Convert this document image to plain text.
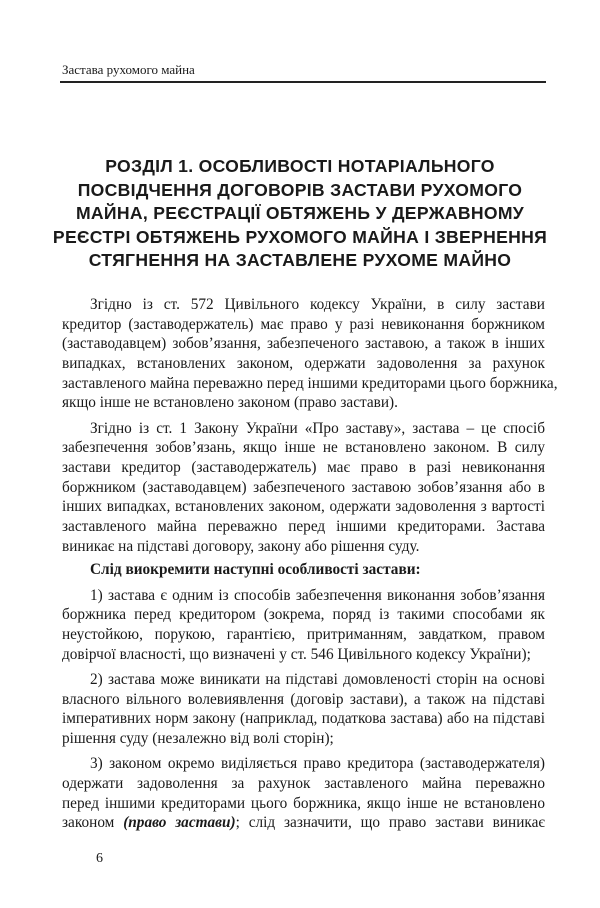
Застава рухомого майна
РОЗДІЛ 1. ОСОБЛИВОСТІ НОТАРІАЛЬНОГО
ПОСВІДЧЕННЯ ДОГОВОРІВ ЗАСТАВИ РУХОМОГО
МАЙНА, РЕЄСТРАЦІЇ ОБТЯЖЕНЬ У ДЕРЖАВНОМУ
РЕЄСТРІ ОБТЯЖЕНЬ РУХОМОГО МАЙНА І ЗВЕРНЕННЯ
СТЯГНЕННЯ НА ЗАСТАВЛЕНЕ РУХОМЕ МАЙНО
Згідно із ст. 572 Цивільного кодексу України, в силу застави
кредитор (заставодержатель) має право у разі невиконання боржником
(заставодавцем) зобов’язання, забезпеченого заставою, а також в інших
випадках, встановлених законом, одержати задоволення за рахунок
заставленого майна переважно перед іншими кредиторами цього боржника,
якщо інше не встановлено законом (право застави).
Згідно із ст. 1 Закону України «Про заставу», застава – це спосіб
забезпечення зобов’язань, якщо інше не встановлено законом. В силу
застави кредитор (заставодержатель) має право в разі невиконання
боржником (заставодавцем) забезпеченого заставою зобов’язання або в
інших випадках, встановлених законом, одержати задоволення з вартості
заставленого майна переважно перед іншими кредиторами. Застава
виникає на підставі договору, закону або рішення суду.
Слід виокремити наступні особливості застави:
1) застава є одним із способів забезпечення виконання зобов’язання
боржника перед кредитором (зокрема, поряд із такими способами як
неустойкою, порукою, гарантією, притриманням, завдатком, правом
довірчої власності, що визначені у ст. 546 Цивільного кодексу України);
2) застава може виникати на підставі домовленості сторін на основі
власного вільного волевиявлення (договір застави), а також на підставі
імперативних норм закону (наприклад, податкова застава) або на підставі
рішення суду (незалежно від волі сторін);
3) законом окремо виділяється право кредитора (заставодержателя)
одержати задоволення за рахунок заставленого майна переважно
перед іншими кредиторами цього боржника, якщо інше не встановлено
законом (право застави); слід зазначити, що право застави виникає
6
